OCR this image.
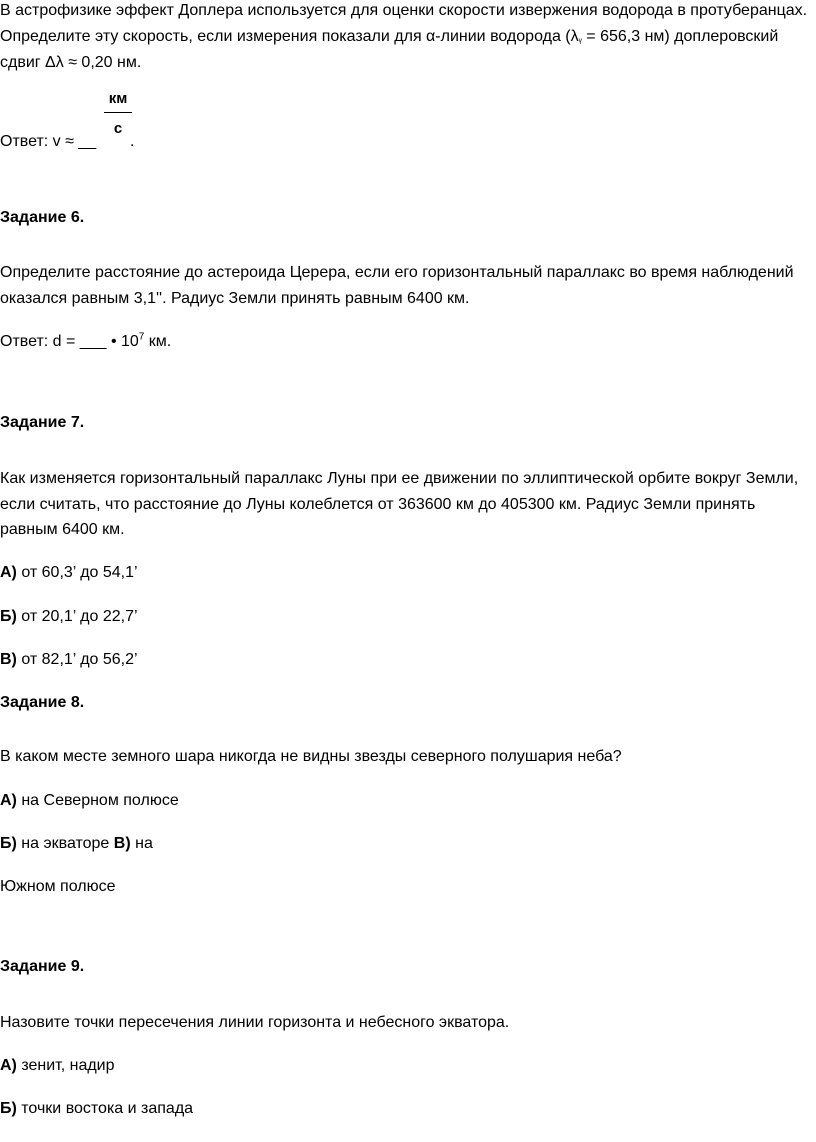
В астрофизике эффект Доплера используется для оценки скорости извержения водорода в протуберанцах.
Определите эту скорость, если измерения показали для α-линии водорода ($\lambda_ᵞ = 656,3$ нм) доплеровский
сдвиг Δλ ≈ 0,20 нм.
км
с
Ответ: v ≈ __ .
Задание 6.
Определите расстояние до астероида Церера, если его горизонтальный параллакс во время наблюдений
оказался равным 3,1''. Радиус Земли принять равным 6400 км.
Ответ: d = ___ • $10^7$ км.
Задание 7.
Как изменяется горизонтальный параллакс Луны при ее движении по эллиптической орбите вокруг Земли,
если считать, что расстояние до Луны колеблется от 363600 км до 405300 км. Радиус Земли принять
равным 6400 км.
А) от 60,3’ до 54,1’
Б) от 20,1’ до 22,7’
В) от 82,1’ до 56,2’
Задание 8.
В каком месте земного шара никогда не видны звезды северного полушария неба?
А) на Северном полюсе
Б) на экваторе В) на
Южном полюсе
Задание 9.
Назовите точки пересечения линии горизонта и небесного экватора.
А) зенит, надир
Б) точки востока и запада
